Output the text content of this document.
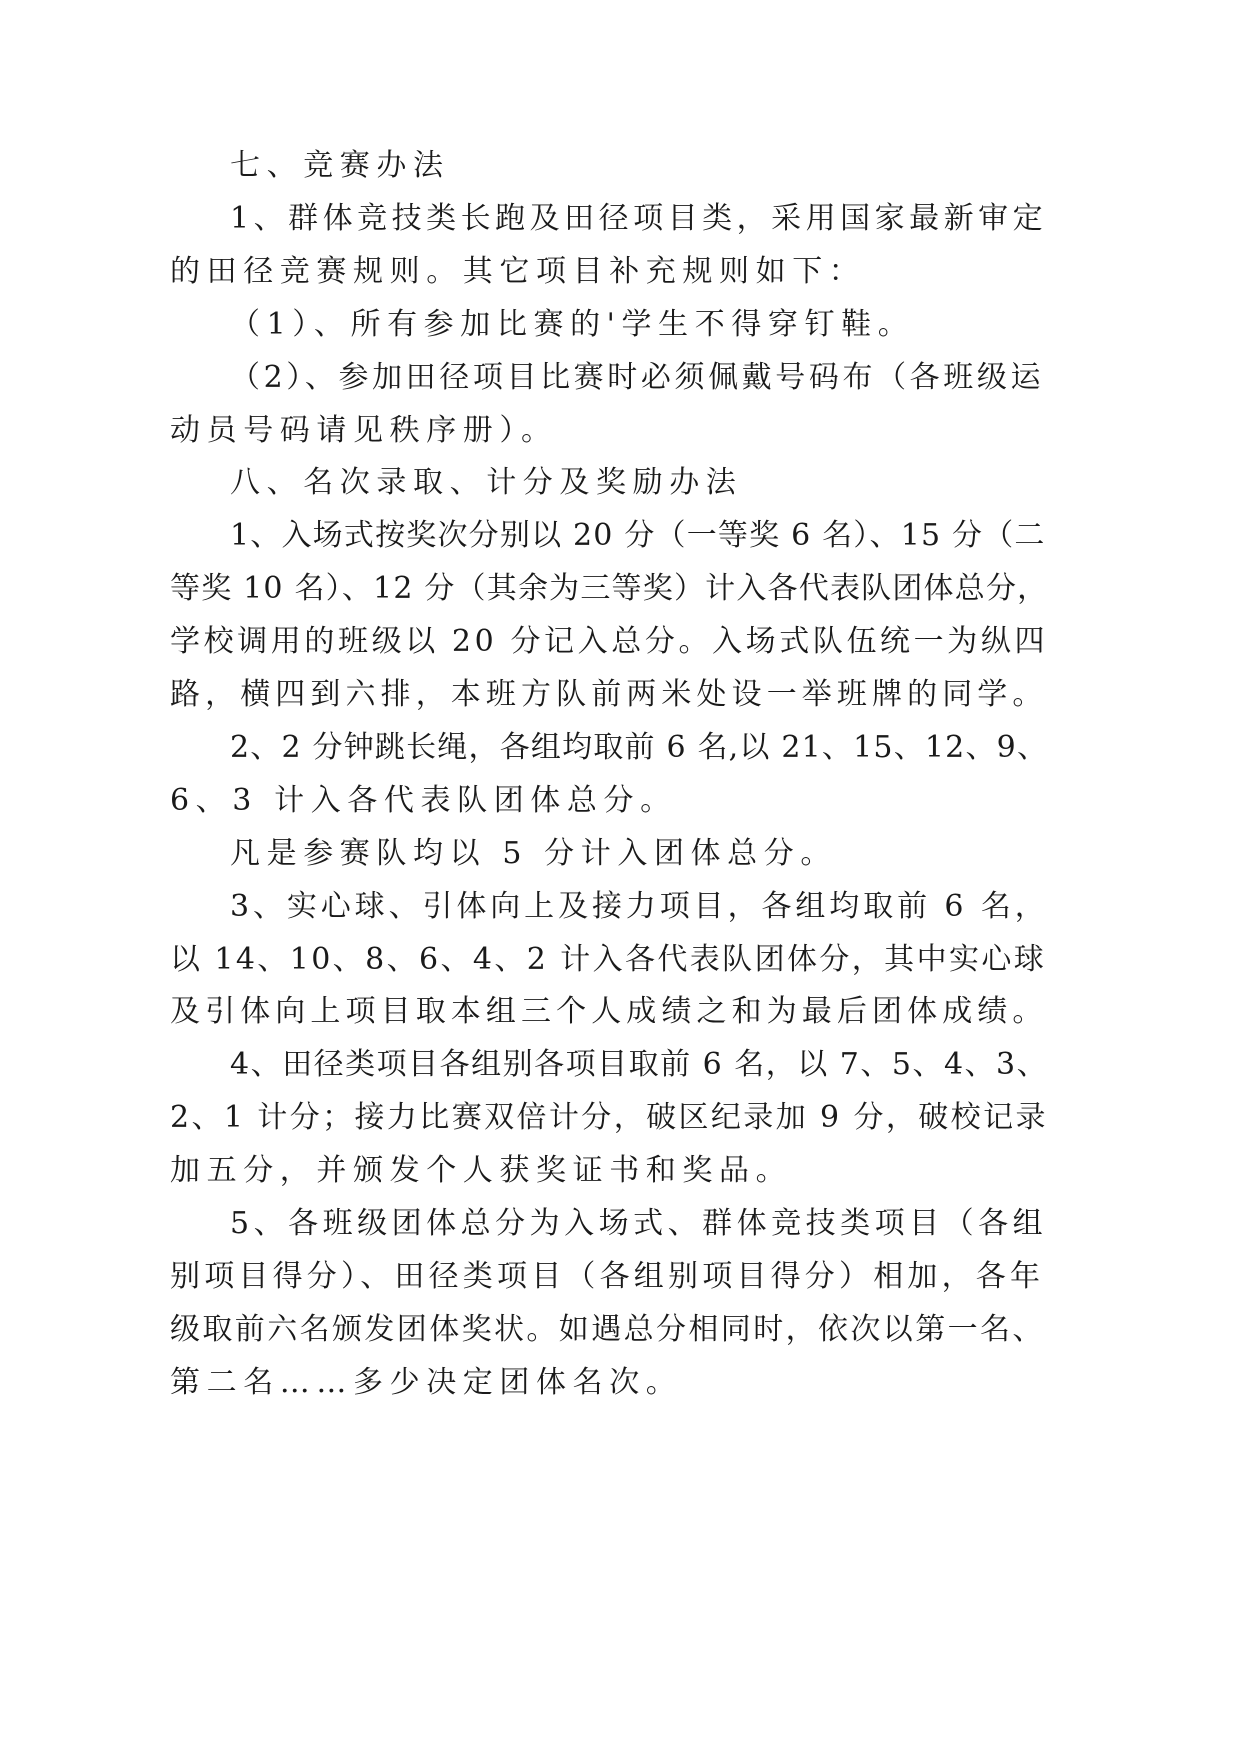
七、竞赛办法

1、群体竞技类长跑及田径项目类，采用国家最新审定

的田径竞赛规则。其它项目补充规则如下：

（1）、所有参加比赛的'学生不得穿钉鞋。

（2）、参加田径项目比赛时必须佩戴号码布（各班级运

动员号码请见秩序册）。

八、名次录取、计分及奖励办法

1、入场式按奖次分别以 20 分（一等奖 6 名）、15 分（二

等奖 10 名）、12 分（其余为三等奖）计入各代表队团体总分，

学校调用的班级以 20 分记入总分。入场式队伍统一为纵四

路，横四到六排，本班方队前两米处设一举班牌的同学。

2、2 分钟跳长绳，各组均取前 6 名,以 21、15、12、9、

6、3 计入各代表队团体总分。

凡是参赛队均以 5 分计入团体总分。

3、实心球、引体向上及接力项目，各组均取前 6 名，

以 14、10、8、6、4、2 计入各代表队团体分，其中实心球

及引体向上项目取本组三个人成绩之和为最后团体成绩。

4、田径类项目各组别各项目取前 6 名，以 7、5、4、3、

2、1 计分；接力比赛双倍计分，破区纪录加 9 分，破校记录

加五分，并颁发个人获奖证书和奖品。

5、各班级团体总分为入场式、群体竞技类项目（各组

别项目得分）、田径类项目（各组别项目得分）相加，各年

级取前六名颁发团体奖状。如遇总分相同时，依次以第一名、

第二名……多少决定团体名次。
